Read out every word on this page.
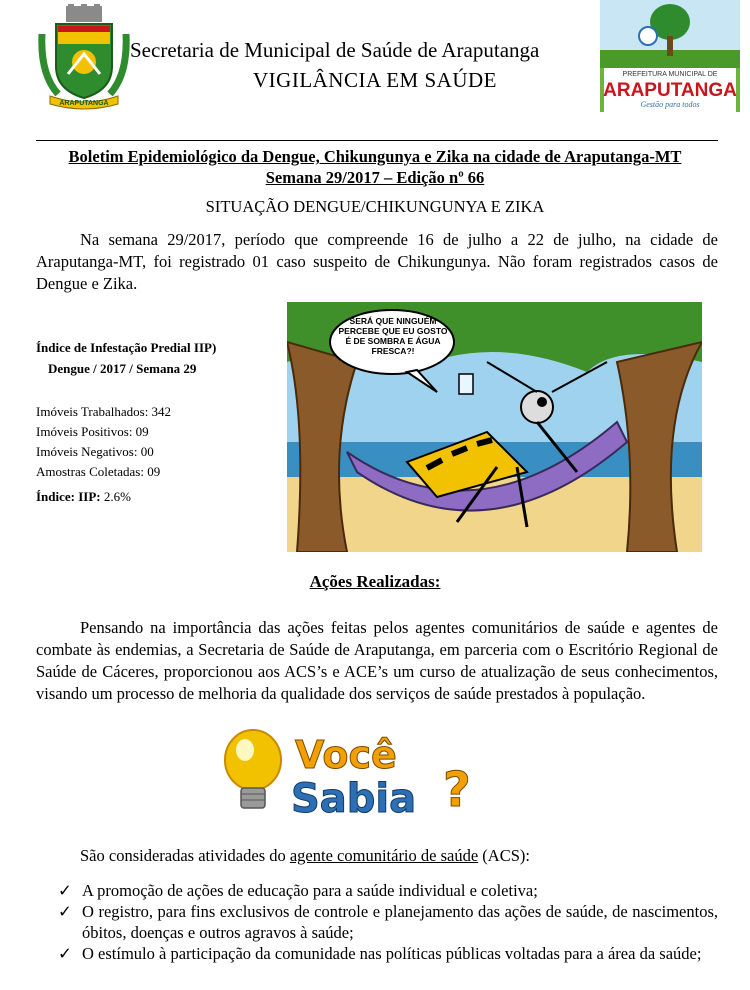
ARAPUTANGA
Secretaria de Municipal de Saúde de Araputanga
VIGILÂNCIA EM SAÚDE	PREFEITURA MUNICIPAL DE
ARAPUTANGA
Gestão para todos
Boletim Epidemiológico da Dengue, Chikungunya e Zika na cidade de Araputanga-MT
Semana 29/2017 – Edição nº 66
SITUAÇÃO DENGUE/CHIKUNGUNYA E ZIKA
Na semana 29/2017, período que compreende 16 de julho a 22 de julho, na cidade de Araputanga-MT, foi registrado 01 caso suspeito de Chikungunya. Não foram registrados casos de Dengue e Zika.
Índice de Infestação Predial IIP)
Dengue / 2017 / Semana 29
Imóveis Trabalhados: 342
Imóveis Positivos: 09
Imóveis Negativos: 00
Amostras Coletadas: 09
Índice: IIP: 2.6%
SERÁ QUE NINGUÉM PERCEBE QUE EU GOSTO É DE SOMBRA E ÁGUA FRESCA?!
Ações Realizadas:
Pensando na importância das ações feitas pelos agentes comunitários de saúde e agentes de combate às endemias, a Secretaria de Saúde de Araputanga, em parceria com o Escritório Regional de Saúde de Cáceres, proporcionou aos ACS’s e ACE’s um curso de atualização de seus conhecimentos, visando um processo de melhoria da qualidade dos serviços de saúde prestados à população.
Você
Sabia ?
São consideradas atividades do agente comunitário de saúde (ACS):
✓ A promoção de ações de educação para a saúde individual e coletiva;
✓ O registro, para fins exclusivos de controle e planejamento das ações de saúde, de nascimentos, óbitos, doenças e outros agravos à saúde;
✓ O estímulo à participação da comunidade nas políticas públicas voltadas para a área da saúde;
